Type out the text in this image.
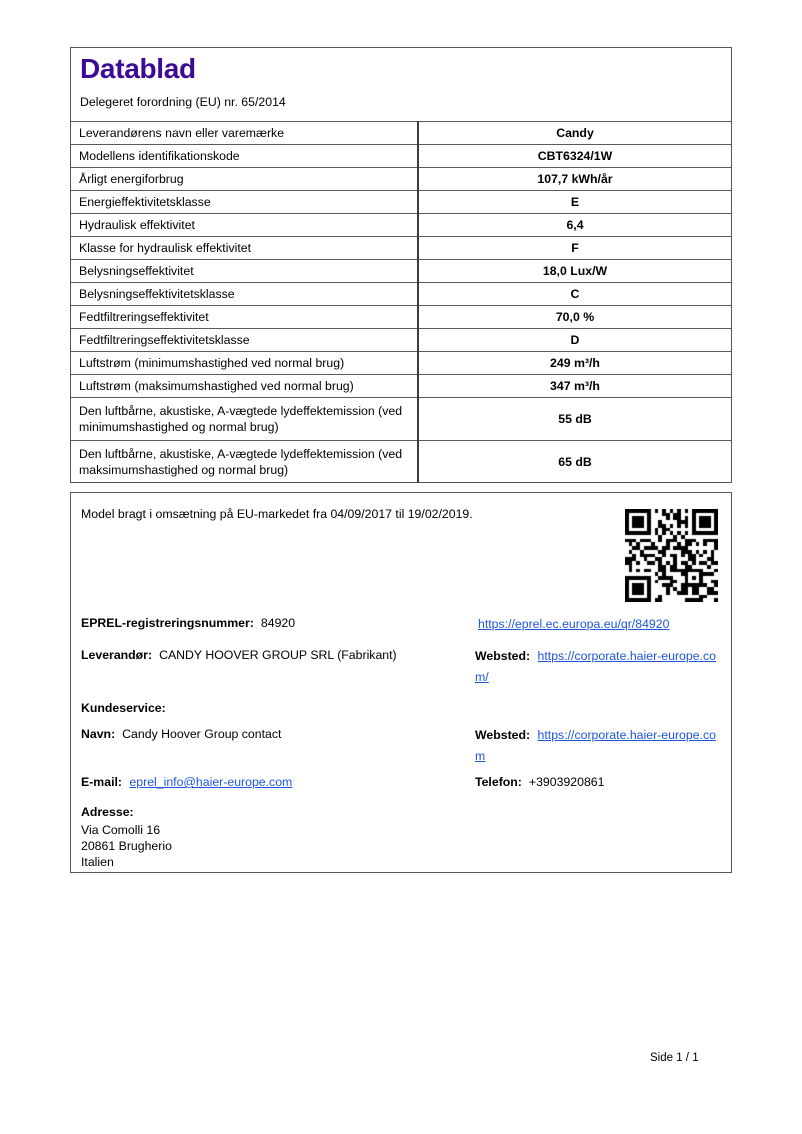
Datablad
Delegeret forordning (EU) nr. 65/2014
Leverandørens navn eller varemærke	Candy
Modellens identifikationskode	CBT6324/1W
Årligt energiforbrug	107,7 kWh/år
Energieffektivitetsklasse	E
Hydraulisk effektivitet	6,4
Klasse for hydraulisk effektivitet	F
Belysningseffektivitet	18,0 Lux/W
Belysningseffektivitetsklasse	C
Fedtfiltreringseffektivitet	70,0 %
Fedtfiltreringseffektivitetsklasse	D
Luftstrøm (minimumshastighed ved normal brug)	249 m³/h
Luftstrøm (maksimumshastighed ved normal brug)	347 m³/h
Den luftbårne, akustiske, A-vægtede lydeffektemission (ved minimumshastighed og normal brug)	55 dB
Den luftbårne, akustiske, A-vægtede lydeffektemission (ved maksimumshastighed og normal brug)	65 dB
Model bragt i omsætning på EU-markedet fra 04/09/2017 til 19/02/2019.
EPREL-registreringsnummer: 84920	https://eprel.ec.europa.eu/qr/84920
Leverandør: CANDY HOOVER GROUP SRL (Fabrikant)	Websted: https://corporate.haier-europe.com/
Kundeservice:
Navn: Candy Hoover Group contact	Websted: https://corporate.haier-europe.com
E-mail: eprel_info@haier-europe.com	Telefon: +3903920861
Adresse:
Via Comolli 16
20861 Brugherio
Italien
Side 1 / 1
